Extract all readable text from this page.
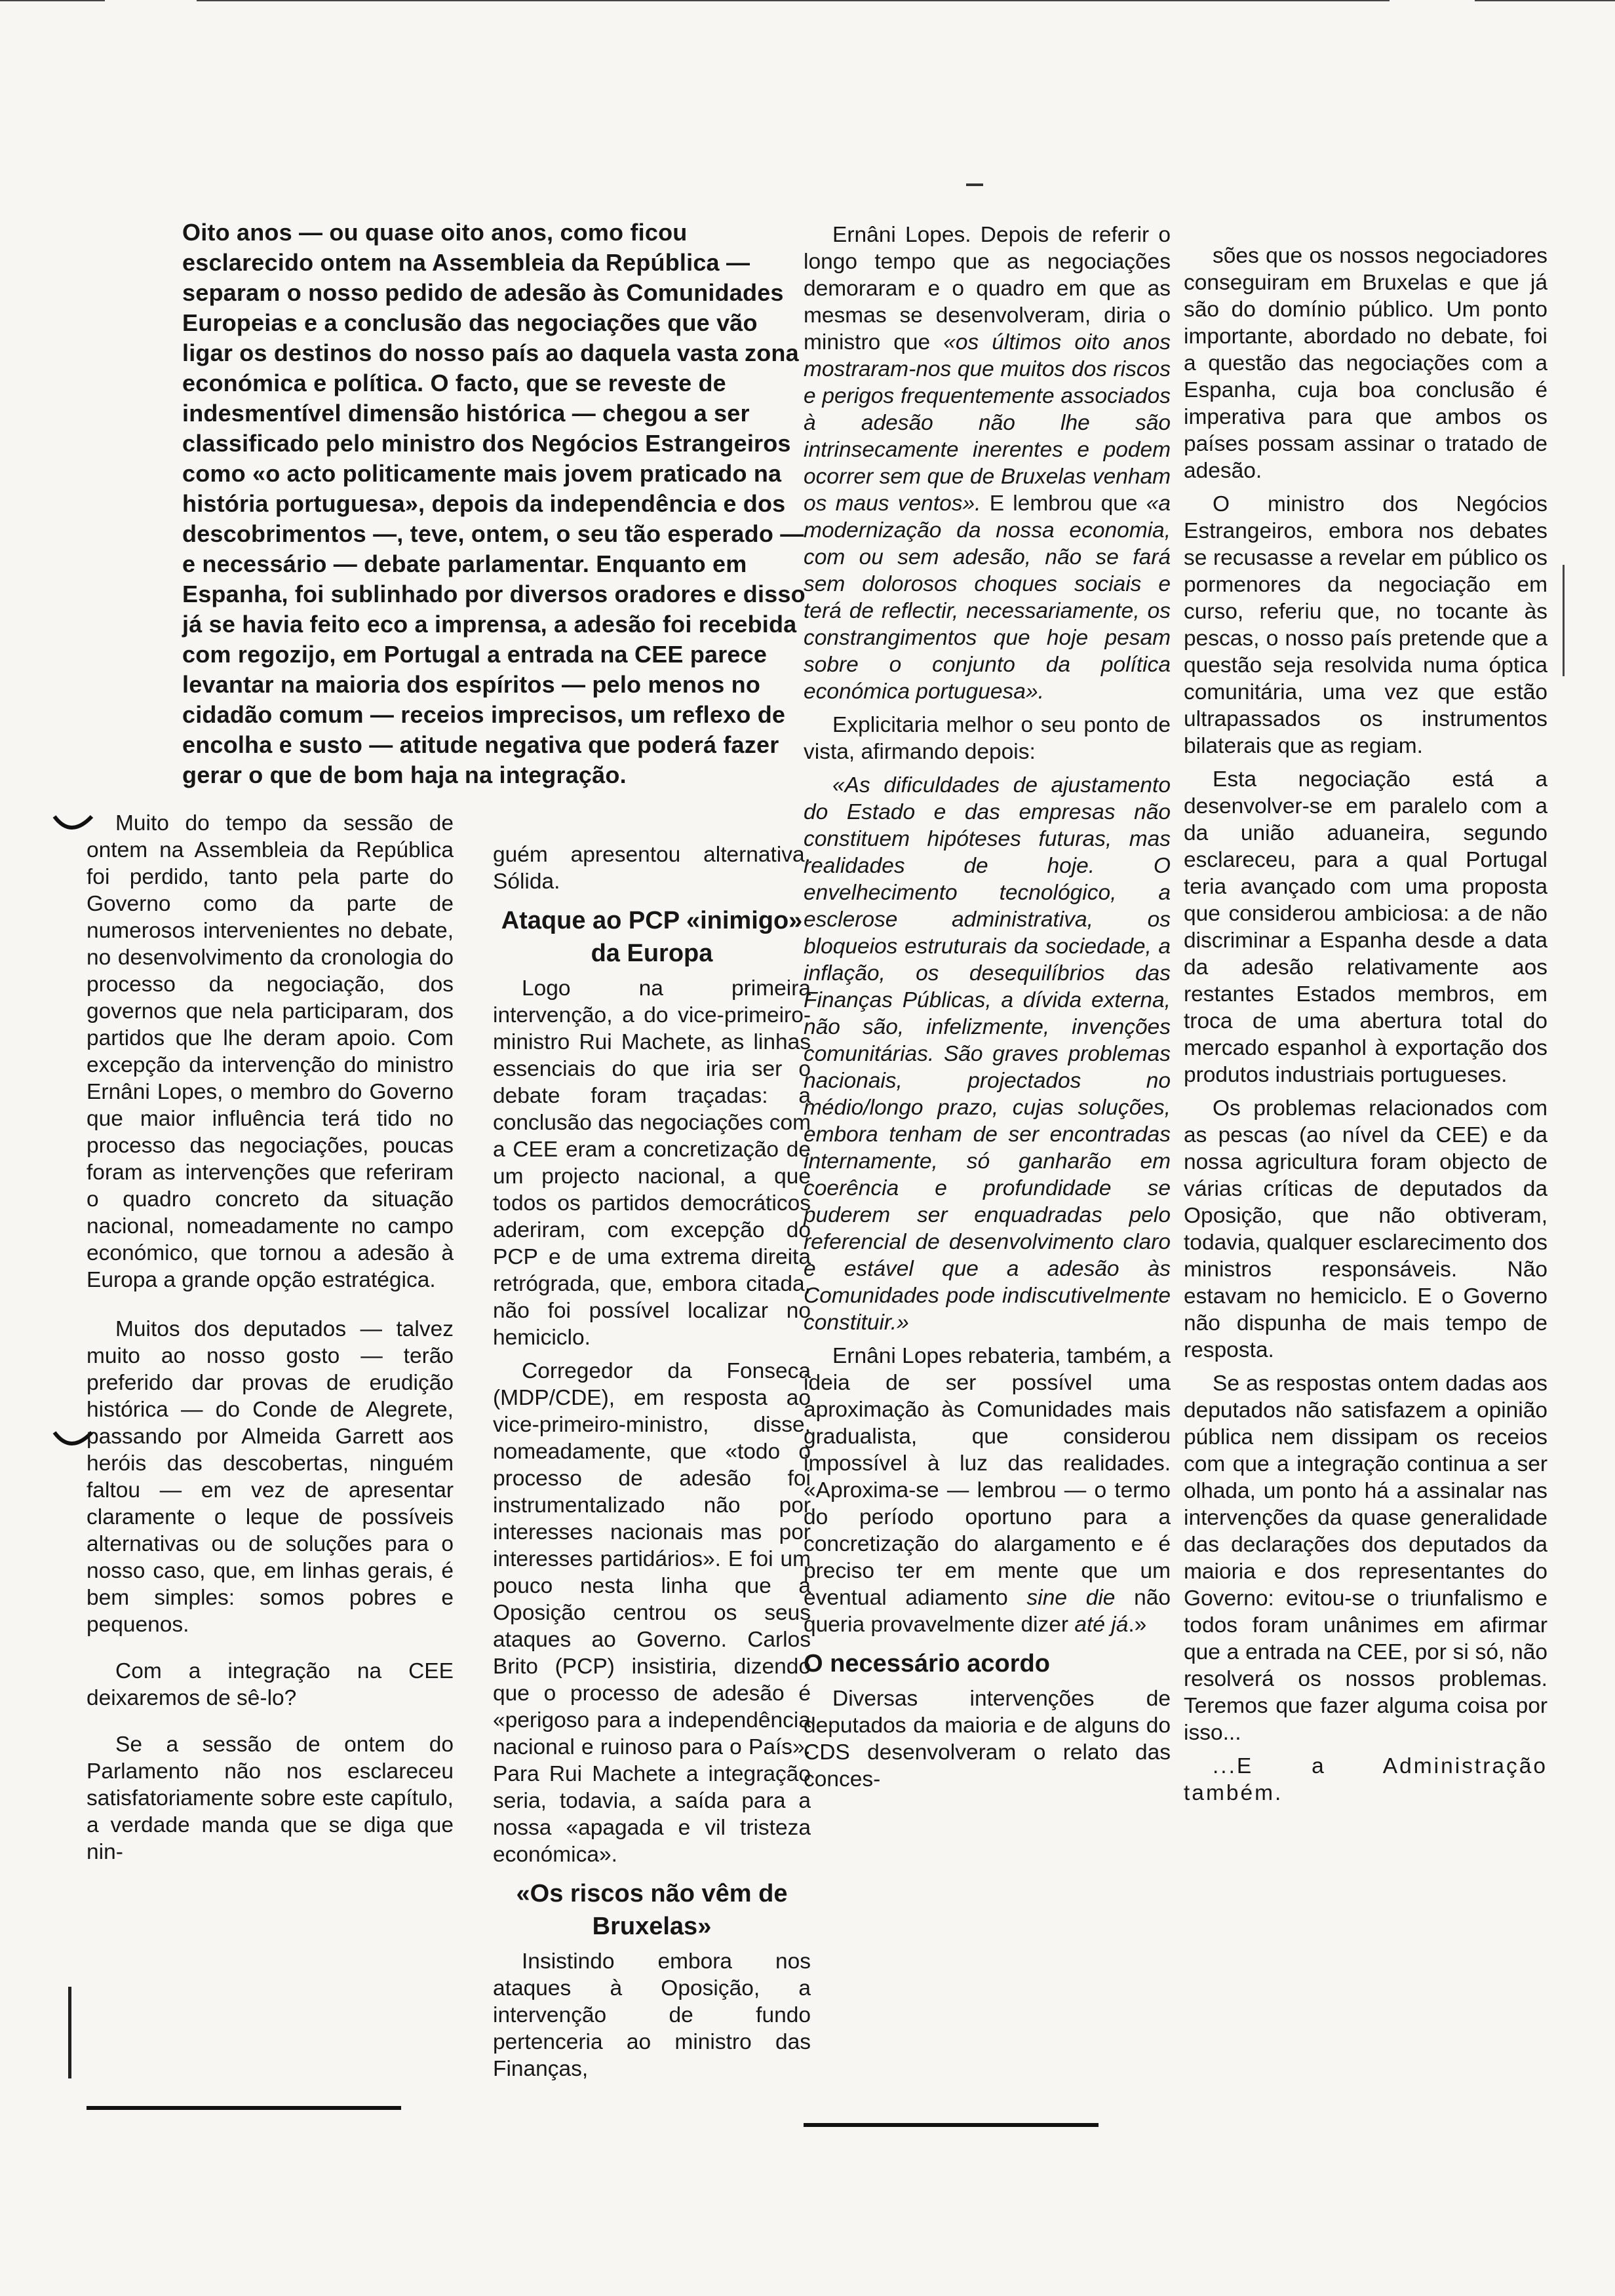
Oito anos — ou quase oito anos, como ficou esclarecido ontem na Assembleia da República — separam o nosso pedido de adesão às Comunidades Europeias e a conclusão das negociações que vão ligar os destinos do nosso país ao daquela vasta zona económica e política. O facto, que se reveste de indesmentível dimensão histórica — chegou a ser classificado pelo ministro dos Negócios Estrangeiros como «o acto politicamente mais jovem praticado na história portuguesa», depois da independência e dos descobrimentos —, teve, ontem, o seu tão esperado — e necessário — debate parlamentar. Enquanto em Espanha, foi sublinhado por diversos oradores e disso já se havia feito eco a imprensa, a adesão foi recebida com regozijo, em Portugal a entrada na CEE parece levantar na maioria dos espíritos — pelo menos no cidadão comum — receios imprecisos, um reflexo de encolha e susto — atitude negativa que poderá fazer gerar o que de bom haja na integração.

Muito do tempo da sessão de ontem na Assembleia da República foi perdido, tanto pela parte do Governo como da parte de numerosos intervenientes no debate, no desenvolvimento da cronologia do processo da negociação, dos governos que nela participaram, dos partidos que lhe deram apoio. Com excepção da intervenção do ministro Ernâni Lopes, o membro do Governo que maior influência terá tido no processo das negociações, poucas foram as intervenções que referiram o quadro concreto da situação nacional, nomeadamente no campo económico, que tornou a adesão à Europa a grande opção estratégica.

Muitos dos deputados — talvez muito ao nosso gosto — terão preferido dar provas de erudição histórica — do Conde de Alegrete, passando por Almeida Garrett aos heróis das descobertas, ninguém faltou — em vez de apresentar claramente o leque de possíveis alternativas ou de soluções para o nosso caso, que, em linhas gerais, é bem simples: somos pobres e pequenos.

Com a integração na CEE deixaremos de sê-lo?

Se a sessão de ontem do Parlamento não nos esclareceu satisfatoriamente sobre este capítulo, a verdade manda que se diga que nin-

guém apresentou alternativa. Sólida.

Ataque ao PCP «inimigo» da Europa

Logo na primeira intervenção, a do vice-primeiro-ministro Rui Machete, as linhas essenciais do que iria ser o debate foram traçadas: a conclusão das negociações com a CEE eram a concretização de um projecto nacional, a que todos os partidos democráticos aderiram, com excepção do PCP e de uma extrema direita retrógrada, que, embora citada, não foi possível localizar no hemiciclo.

Corregedor da Fonseca (MDP/CDE), em resposta ao vice-primeiro-ministro, disse, nomeadamente, que «todo o processo de adesão foi instrumentalizado não por interesses nacionais mas por interesses partidários». E foi um pouco nesta linha que a Oposição centrou os seus ataques ao Governo. Carlos Brito (PCP) insistiria, dizendo que o processo de adesão é «perigoso para a independência nacional e ruinoso para o País». Para Rui Machete a integração seria, todavia, a saída para a nossa «apagada e vil tristeza económica».

«Os riscos não vêm de Bruxelas»

Insistindo embora nos ataques à Oposição, a intervenção de fundo pertenceria ao ministro das Finanças,

Ernâni Lopes. Depois de referir o longo tempo que as negociações demoraram e o quadro em que as mesmas se desenvolveram, diria o ministro que «os últimos oito anos mostraram-nos que muitos dos riscos e perigos frequentemente associados à adesão não lhe são intrinsecamente inerentes e podem ocorrer sem que de Bruxelas venham os maus ventos». E lembrou que «a modernização da nossa economia, com ou sem adesão, não se fará sem dolorosos choques sociais e terá de reflectir, necessariamente, os constrangimentos que hoje pesam sobre o conjunto da política económica portuguesa».

Explicitaria melhor o seu ponto de vista, afirmando depois:

«As dificuldades de ajustamento do Estado e das empresas não constituem hipóteses futuras, mas realidades de hoje. O envelhecimento tecnológico, a esclerose administrativa, os bloqueios estruturais da sociedade, a inflação, os desequilíbrios das Finanças Públicas, a dívida externa, não são, infelizmente, invenções comunitárias. São graves problemas nacionais, projectados no médio/longo prazo, cujas soluções, embora tenham de ser encontradas internamente, só ganharão em coerência e profundidade se puderem ser enquadradas pelo referencial de desenvolvimento claro e estável que a adesão às Comunidades pode indiscutivelmente constituir.»

Ernâni Lopes rebateria, também, a ideia de ser possível uma aproximação às Comunidades mais gradualista, que considerou impossível à luz das realidades. «Aproxima-se — lembrou — o termo do período oportuno para a concretização do alargamento e é preciso ter em mente que um eventual adiamento sine die não queria provavelmente dizer até já.»

O necessário acordo

Diversas intervenções de deputados da maioria e de alguns do CDS desenvolveram o relato das conces-

sões que os nossos negociadores conseguiram em Bruxelas e que já são do domínio público. Um ponto importante, abordado no debate, foi a questão das negociações com a Espanha, cuja boa conclusão é imperativa para que ambos os países possam assinar o tratado de adesão.

O ministro dos Negócios Estrangeiros, embora nos debates se recusasse a revelar em público os pormenores da negociação em curso, referiu que, no tocante às pescas, o nosso país pretende que a questão seja resolvida numa óptica comunitária, uma vez que estão ultrapassados os instrumentos bilaterais que as regiam.

Esta negociação está a desenvolver-se em paralelo com a da união aduaneira, segundo esclareceu, para a qual Portugal teria avançado com uma proposta que considerou ambiciosa: a de não discriminar a Espanha desde a data da adesão relativamente aos restantes Estados membros, em troca de uma abertura total do mercado espanhol à exportação dos produtos industriais portugueses.

Os problemas relacionados com as pescas (ao nível da CEE) e da nossa agricultura foram objecto de várias críticas de deputados da Oposição, que não obtiveram, todavia, qualquer esclarecimento dos ministros responsáveis. Não estavam no hemiciclo. E o Governo não dispunha de mais tempo de resposta.

Se as respostas ontem dadas aos deputados não satisfazem a opinião pública nem dissipam os receios com que a integração continua a ser olhada, um ponto há a assinalar nas intervenções da quase generalidade das declarações dos deputados da maioria e dos representantes do Governo: evitou-se o triunfalismo e todos foram unânimes em afirmar que a entrada na CEE, por si só, não resolverá os nossos problemas. Teremos que fazer alguma coisa por isso...

...E a Administração também.
